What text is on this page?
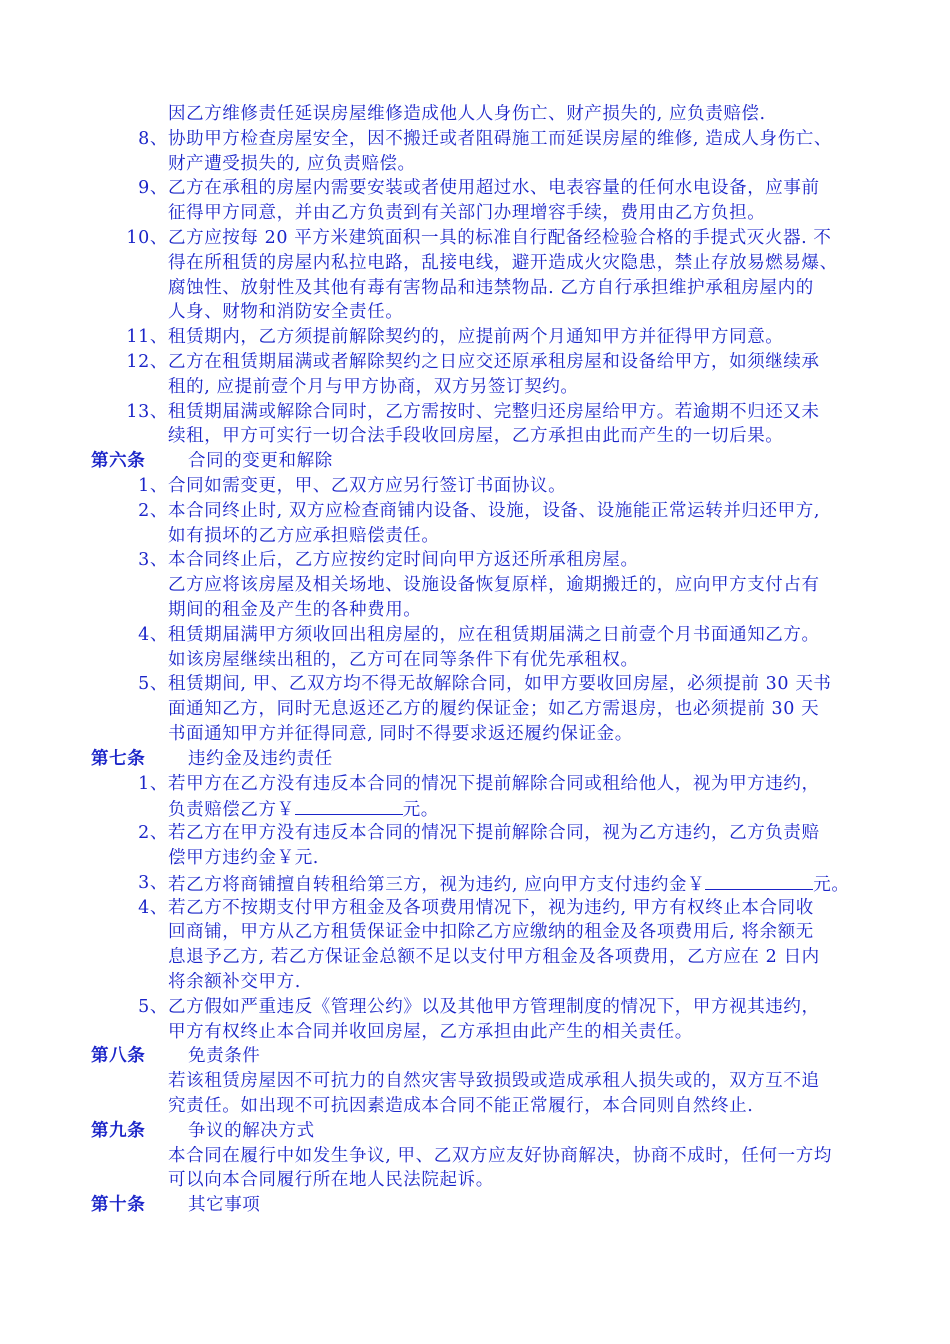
因乙方维修责任延误房屋维修造成他人人身伤亡、财产损失的, 应负责赔偿.
8、 协助甲方检查房屋安全，因不搬迁或者阻碍施工而延误房屋的维修, 造成人身伤亡、
财产遭受损失的, 应负责赔偿。
9、 乙方在承租的房屋内需要安装或者使用超过水、电表容量的任何水电设备，应事前
征得甲方同意，并由乙方负责到有关部门办理增容手续，费用由乙方负担。
10、 乙方应按每 20 平方米建筑面积一具的标准自行配备经检验合格的手提式灭火器. 不
得在所租赁的房屋内私拉电路，乱接电线，避开造成火灾隐患，禁止存放易燃易爆、
腐蚀性、放射性及其他有毒有害物品和违禁物品. 乙方自行承担维护承租房屋内的
人身、财物和消防安全责任。
11、 租赁期内，乙方须提前解除契约的，应提前两个月通知甲方并征得甲方同意。
12、 乙方在租赁期届满或者解除契约之日应交还原承租房屋和设备给甲方，如须继续承
租的, 应提前壹个月与甲方协商，双方另签订契约。
13、 租赁期届满或解除合同时，乙方需按时、完整归还房屋给甲方。若逾期不归还又未
续租，甲方可实行一切合法手段收回房屋，乙方承担由此而产生的一切后果。
第六条 合同的变更和解除
1、 合同如需变更，甲、乙双方应另行签订书面协议。
2、 本合同终止时, 双方应检查商铺内设备、设施，设备、设施能正常运转并归还甲方,
如有损坏的乙方应承担赔偿责任。
3、 本合同终止后，乙方应按约定时间向甲方返还所承租房屋。
乙方应将该房屋及相关场地、设施设备恢复原样，逾期搬迁的，应向甲方支付占有
期间的租金及产生的各种费用。
4、 租赁期届满甲方须收回出租房屋的，应在租赁期届满之日前壹个月书面通知乙方。
如该房屋继续出租的，乙方可在同等条件下有优先承租权。
5、 租赁期间, 甲、乙双方均不得无故解除合同，如甲方要收回房屋，必须提前 30 天书
面通知乙方，同时无息返还乙方的履约保证金；如乙方需退房，也必须提前 30 天
书面通知甲方并征得同意, 同时不得要求返还履约保证金。
第七条 违约金及违约责任
1、 若甲方在乙方没有违反本合同的情况下提前解除合同或租给他人，视为甲方违约，
负责赔偿乙方￥	元。
2、 若乙方在甲方没有违反本合同的情况下提前解除合同，视为乙方违约，乙方负责赔
偿甲方违约金￥元.
3、 若乙方将商铺擅自转租给第三方，视为违约, 应向甲方支付违约金￥	元。
4、 若乙方不按期支付甲方租金及各项费用情况下，视为违约, 甲方有权终止本合同收
回商铺，甲方从乙方租赁保证金中扣除乙方应缴纳的租金及各项费用后, 将余额无
息退予乙方, 若乙方保证金总额不足以支付甲方租金及各项费用，乙方应在 2 日内
将余额补交甲方.
5、 乙方假如严重违反《管理公约》以及其他甲方管理制度的情况下，甲方视其违约，
甲方有权终止本合同并收回房屋，乙方承担由此产生的相关责任。
第八条 免责条件
若该租赁房屋因不可抗力的自然灾害导致损毁或造成承租人损失或的，双方互不追
究责任。如出现不可抗因素造成本合同不能正常履行，本合同则自然终止.
第九条 争议的解决方式
本合同在履行中如发生争议, 甲、乙双方应友好协商解决，协商不成时，任何一方均
可以向本合同履行所在地人民法院起诉。
第十条 其它事项
